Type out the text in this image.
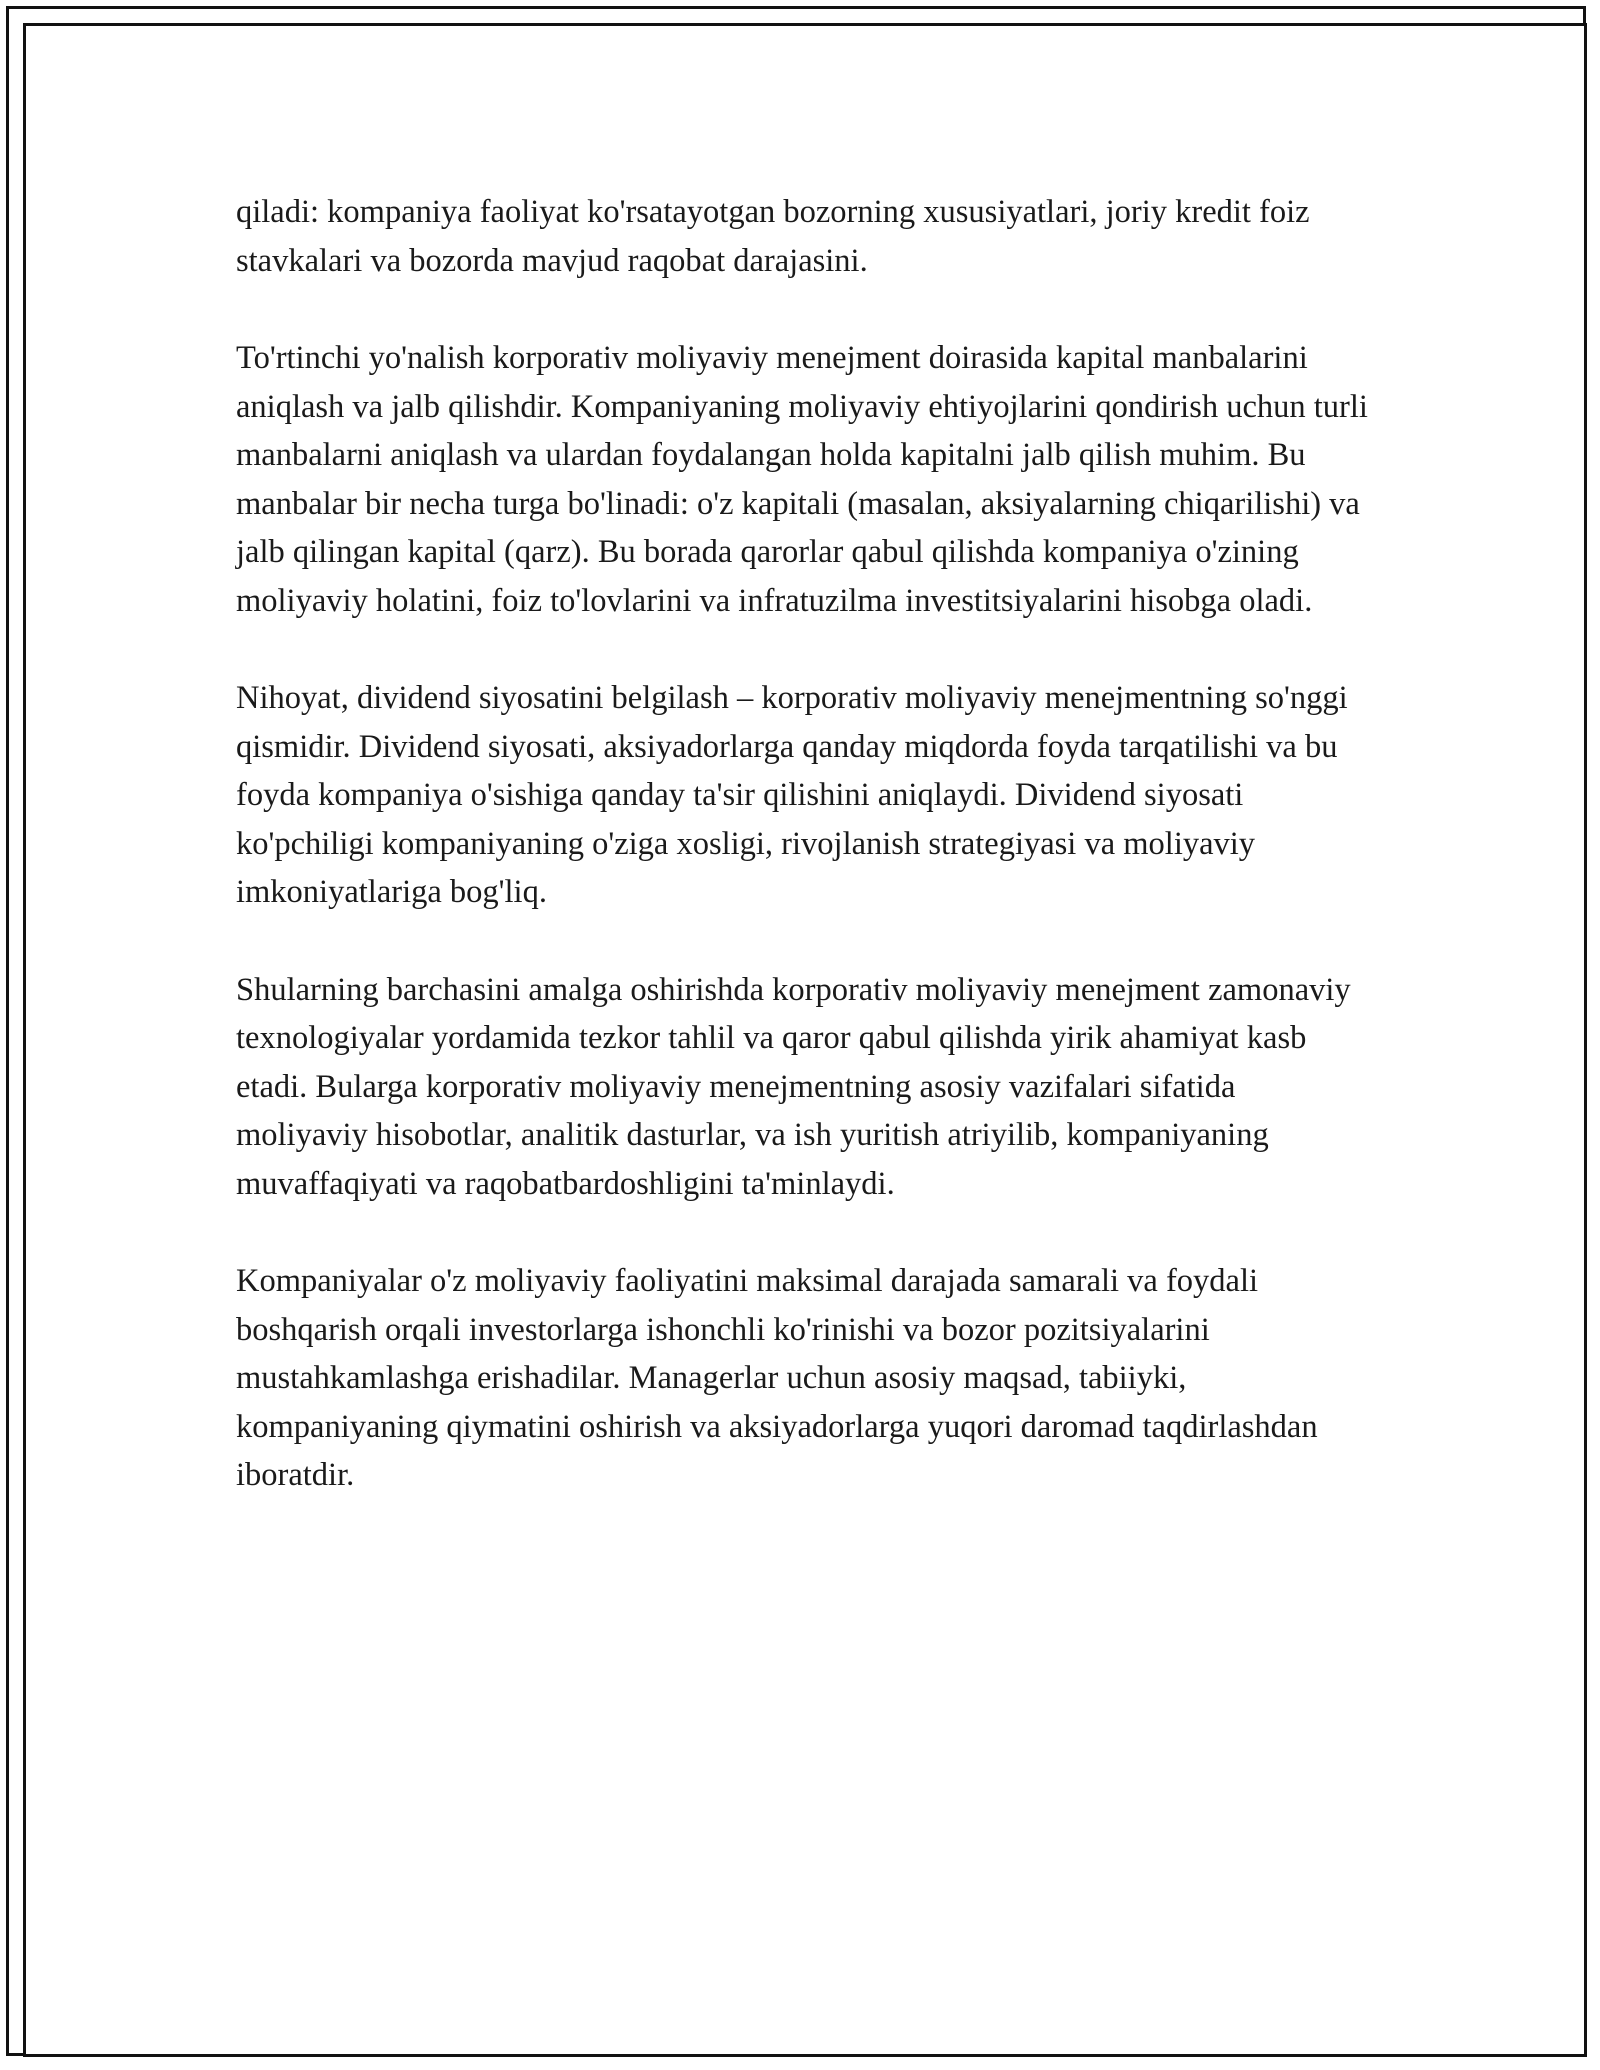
qiladi: kompaniya faoliyat ko'rsatayotgan bozorning xususiyatlari, joriy kredit foiz stavkalari va bozorda mavjud raqobat darajasini.

To'rtinchi yo'nalish korporativ moliyaviy menejment doirasida kapital manbalarini aniqlash va jalb qilishdir. Kompaniyaning moliyaviy ehtiyojlarini qondirish uchun turli manbalarni aniqlash va ulardan foydalangan holda kapitalni jalb qilish muhim. Bu manbalar bir necha turga bo'linadi: o'z kapitali (masalan, aksiyalarning chiqarilishi) va jalb qilingan kapital (qarz). Bu borada qarorlar qabul qilishda kompaniya o'zining moliyaviy holatini, foiz to'lovlarini va infratuzilma investitsiyalarini hisobga oladi.

Nihoyat, dividend siyosatini belgilash – korporativ moliyaviy menejmentning so'nggi qismidir. Dividend siyosati, aksiyadorlarga qanday miqdorda foyda tarqatilishi va bu foyda kompaniya o'sishiga qanday ta'sir qilishini aniqlaydi. Dividend siyosati ko'pchiligi kompaniyaning o'ziga xosligi, rivojlanish strategiyasi va moliyaviy imkoniyatlariga bog'liq.

Shularning barchasini amalga oshirishda korporativ moliyaviy menejment zamonaviy texnologiyalar yordamida tezkor tahlil va qaror qabul qilishda yirik ahamiyat kasb etadi. Bularga korporativ moliyaviy menejmentning asosiy vazifalari sifatida moliyaviy hisobotlar, analitik dasturlar, va ish yuritish atriyilib, kompaniyaning muvaffaqiyati va raqobatbardoshligini ta'minlaydi.

Kompaniyalar o'z moliyaviy faoliyatini maksimal darajada samarali va foydali boshqarish orqali investorlarga ishonchli ko'rinishi va bozor pozitsiyalarini mustahkamlashga erishadilar. Managerlar uchun asosiy maqsad, tabiiyki, kompaniyaning qiymatini oshirish va aksiyadorlarga yuqori daromad taqdirlashdan iboratdir.
